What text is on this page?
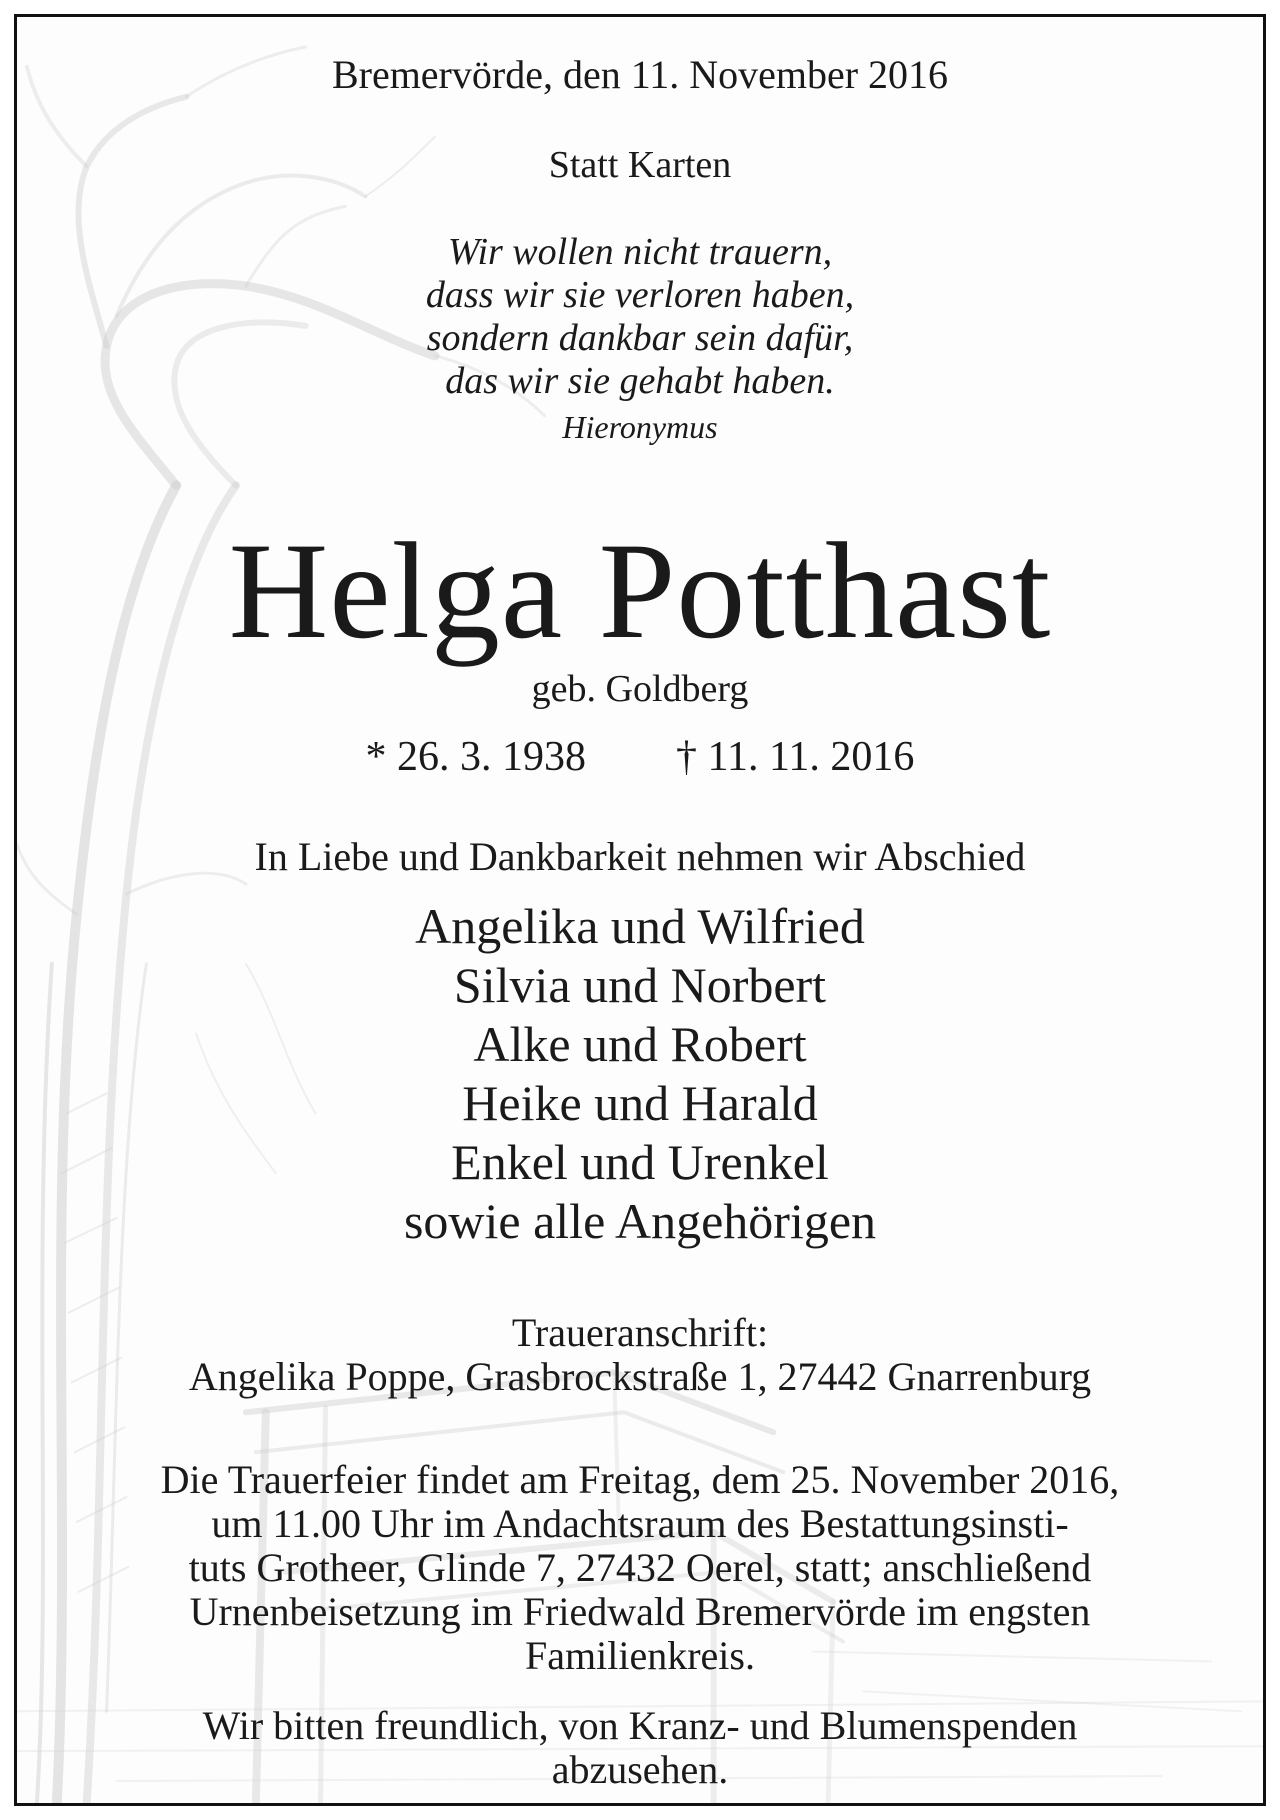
Bremervörde, den 11. November 2016
Statt Karten
Wir wollen nicht trauern,
dass wir sie verloren haben,
sondern dankbar sein dafür,
das wir sie gehabt haben.
Hieronymus
Helga Potthast
geb. Goldberg
* 26. 3. 1938 † 11. 11. 2016
In Liebe und Dankbarkeit nehmen wir Abschied
Angelika und Wilfried
Silvia und Norbert
Alke und Robert
Heike und Harald
Enkel und Urenkel
sowie alle Angehörigen
Traueranschrift:
Angelika Poppe, Grasbrockstraße 1, 27442 Gnarrenburg
Die Trauerfeier findet am Freitag, dem 25. November 2016,
um 11.00 Uhr im Andachtsraum des Bestattungsinsti-
tuts Grotheer, Glinde 7, 27432 Oerel, statt; anschließend
Urnenbeisetzung im Friedwald Bremervörde im engsten
Familienkreis.
Wir bitten freundlich, von Kranz- und Blumenspenden
abzusehen.
